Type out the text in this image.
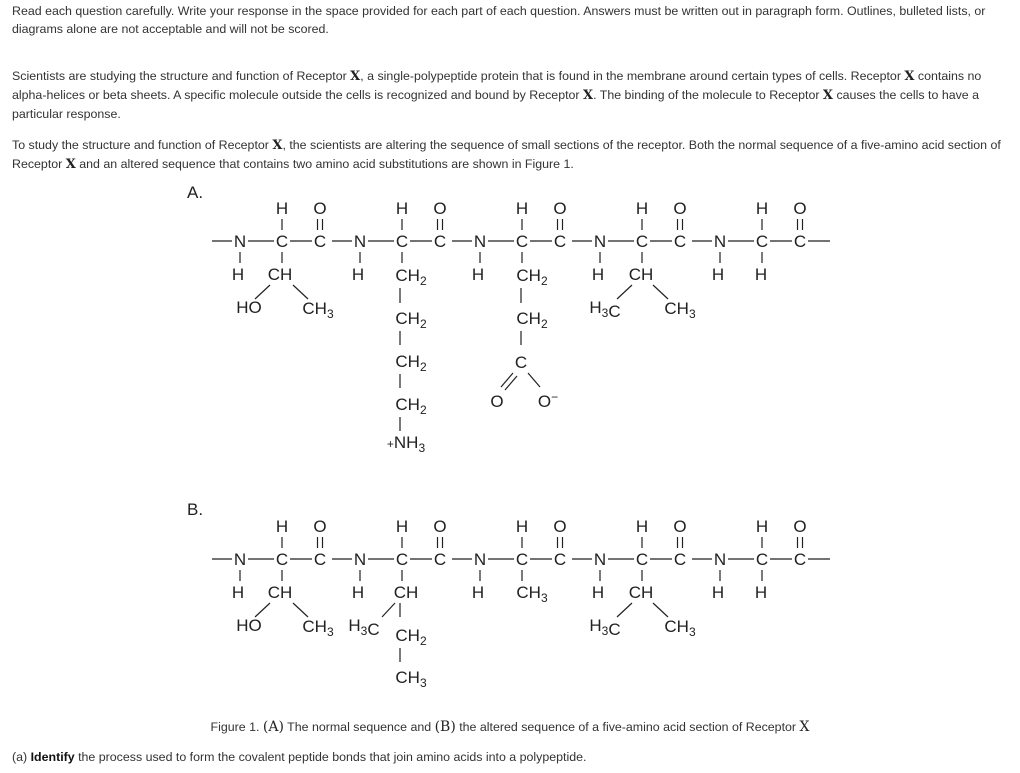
Read each question carefully. Write your response in the space provided for each part of each question. Answers must be written out in paragraph form. Outlines, bulleted lists, or diagrams alone are not acceptable and will not be scored.

Scientists are studying the structure and function of Receptor X, a single-polypeptide protein that is found in the membrane around certain types of cells. Receptor X contains no alpha-helices or beta sheets. A specific molecule outside the cells is recognized and bound by Receptor X. The binding of the molecule to Receptor X causes the cells to have a particular response.

To study the structure and function of Receptor X, the scientists are altering the sequence of small sections of the receptor. Both the normal sequence of a five-amino acid section of Receptor X and an altered sequence that contains two amino acid substitutions are shown in Figure 1.

A.
B.
N C C
H O
H
N C C
H O
H
N C C
H O
H
N C C
H O
H
N C C
H O
H
CH
HO $CH_3$
$CH_2$
$CH_2$
$CH_2$
$CH_2$
$^+NH_3$
$CH_2$
$CH_2$
C
O O−
CH
$H_3C$	$CH_3$
H
N C C
H O
H
N C C
H O
H
N C C
H O
H
N C C
H O
H
N C C
H O
H
CH
HO $CH_3$
CH
$H_3C$ $CH_2$
$CH_3$
$CH_3$	CH
$H_3C$	$CH_3$
H
Figure 1. (A) The normal sequence and (B) the altered sequence of a five-amino acid section of Receptor X
(a) Identify the process used to form the covalent peptide bonds that join amino acids into a polypeptide.
